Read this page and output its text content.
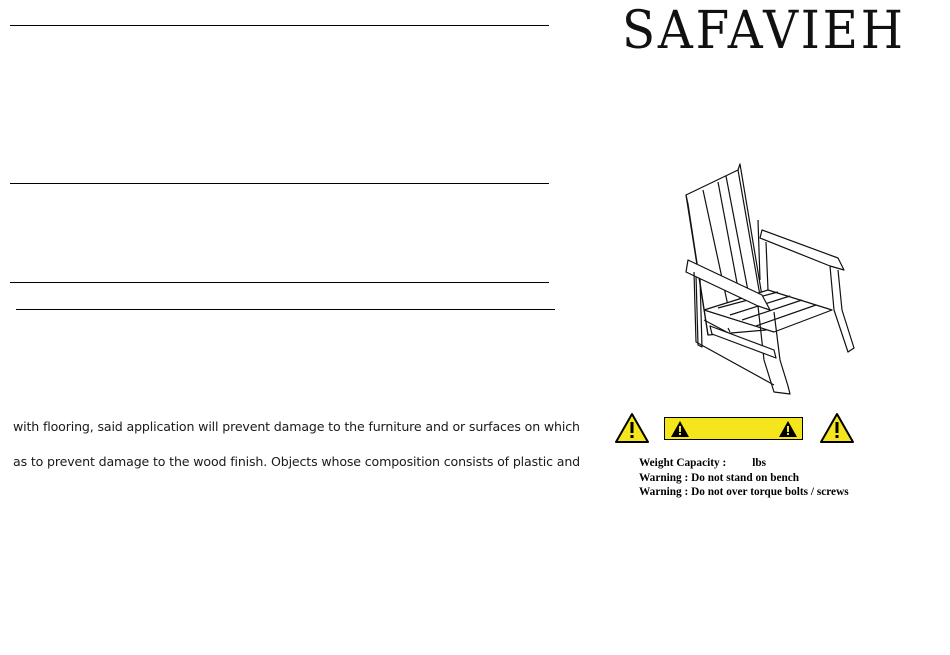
with flooring, said application will prevent damage to the furniture and or surfaces on which
as to prevent damage to the wood finish. Objects whose composition consists of plastic and
SAFAVIEH
Weight Capacity : lbs
Warning : Do not stand on bench
Warning : Do not over torque bolts / screws
